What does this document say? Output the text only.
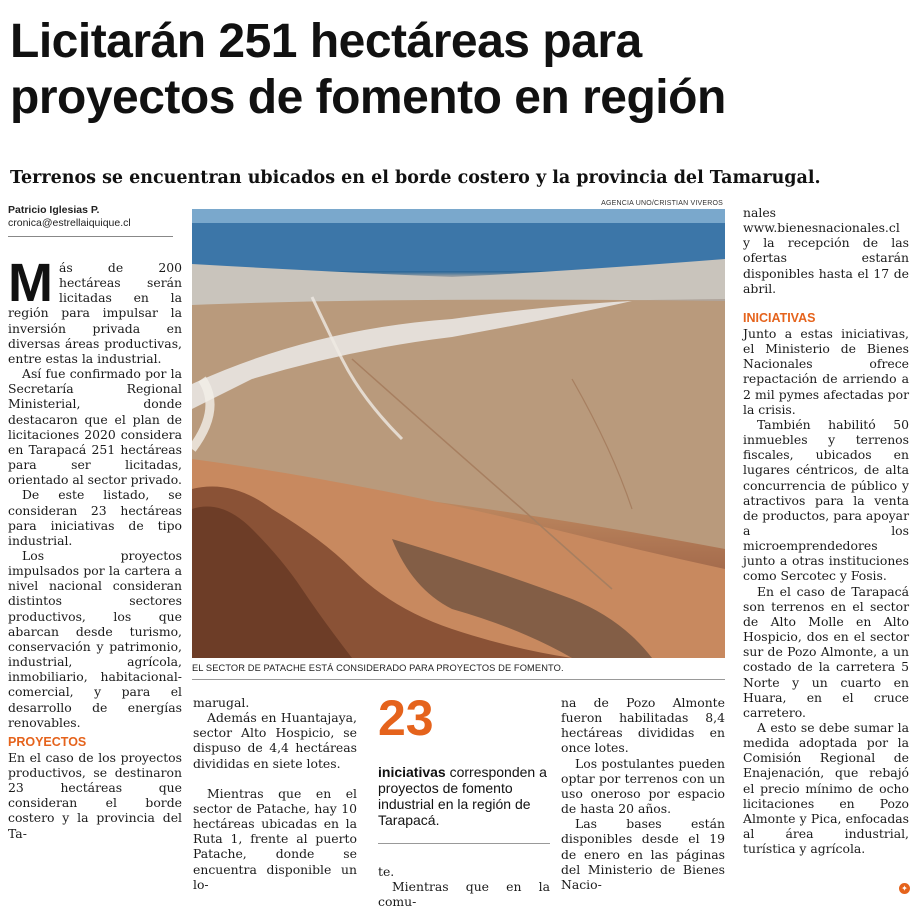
Licitarán 251 hectáreas para
proyectos de fomento en región
Terrenos se encuentran ubicados en el borde costero y la provincia del Tamarugal.
Patricio Iglesias P.
cronica@estrellaiquique.cl
AGENCIA UNO/CRISTIAN VIVEROS
EL SECTOR DE PATACHE ESTÁ CONSIDERADO PARA PROYECTOS DE FOMENTO.

Más de 200 hectáreas serán licitadas en la región para impulsar la inversión privada en diversas áreas productivas, entre estas la industrial.

Así fue confirmado por la Secretaría Regional Ministerial, donde destacaron que el plan de licitaciones 2020 considera en Tarapacá 251 hectáreas para ser licitadas, orientado al sector privado.

De este listado, se consideran 23 hectáreas para iniciativas de tipo industrial.

Los proyectos impulsados por la cartera a nivel nacional consideran distintos sectores productivos, los que abarcan desde turismo, conservación y patrimonio, industrial, agrícola, inmobiliario, habitacional-comercial, y para el desarrollo de energías renovables.

PROYECTOS

En el caso de los proyectos productivos, se destinaron 23 hectáreas que consideran el borde costero y la provincia del Ta-

marugal.

Además en Huantajaya, sector Alto Hospicio, se dispuso de 4,4 hectáreas divididas en siete lotes.

Mientras que en el sector de Patache, hay 10 hectáreas ubicadas en la Ruta 1, frente al puerto Patache, donde se encuentra disponible un lo-

23
iniciativas corresponden a proyectos de fomento industrial en la región de Tarapacá.

te.

Mientras que en la comu-

na de Pozo Almonte fueron habilitadas 8,4 hectáreas divididas en once lotes.

Los postulantes pueden optar por terrenos con un uso oneroso por espacio de hasta 20 años.

Las bases están disponibles desde el 19 de enero en las páginas del Ministerio de Bienes Nacio-

nales www.bienesnacionales.cl y la recepción de las ofertas estarán disponibles hasta el 17 de abril.

INICIATIVAS

Junto a estas iniciativas, el Ministerio de Bienes Nacionales ofrece repactación de arriendo a 2 mil pymes afectadas por la crisis.

También habilitó 50 inmuebles y terrenos fiscales, ubicados en lugares céntricos, de alta concurrencia de público y atractivos para la venta de productos, para apoyar a los microemprendedores junto a otras instituciones como Sercotec y Fosis.

En el caso de Tarapacá son terrenos en el sector de Alto Molle en Alto Hospicio, dos en el sector sur de Pozo Almonte, a un costado de la carretera 5 Norte y un cuarto en Huara, en el cruce carretero.

A esto se debe sumar la medida adoptada por la Comisión Regional de Enajenación, que rebajó el precio mínimo de ocho licitaciones en Pozo Almonte y Pica, enfocadas al área industrial, turística y agrícola.

✦
